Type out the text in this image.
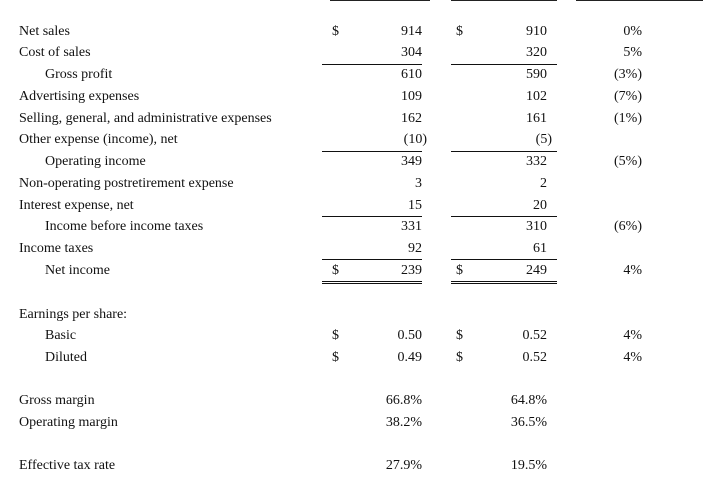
Net sales	$	914 $	910	0%
Cost of sales	304	320	5%
Gross profit	610	590	(3%)
Advertising expenses	109	102	(7%)
Selling, general, and administrative expenses	162	161	(1%)
Other expense (income), net	(10)	(5)
Operating income	349	332	(5%)
Non-operating postretirement expense	3	2
Interest expense, net	15	20
Income before income taxes	331	310	(6%)
Income taxes	92	61
Net income	$	239 $	249	4%
Earnings per share:
Basic	$	0.50 $	0.52	4%
Diluted	$	0.49 $	0.52	4%
Gross margin	66.8%	64.8%
Operating margin	38.2%	36.5%
Effective tax rate	27.9%	19.5%
